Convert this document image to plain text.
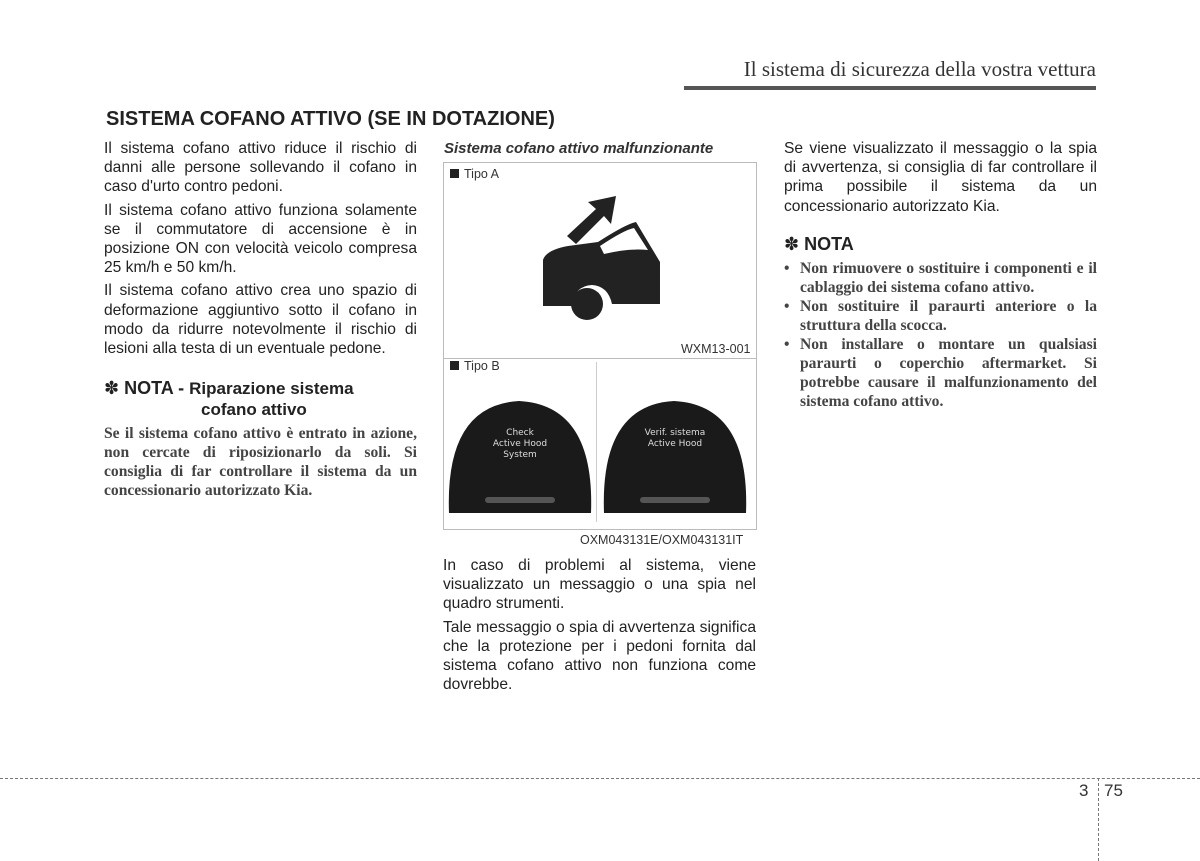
Il sistema di sicurezza della vostra vettura
SISTEMA COFANO ATTIVO (SE IN DOTAZIONE)

Il sistema cofano attivo riduce il rischio di danni alle persone sollevando il cofano in caso d'urto contro pedoni.

Il sistema cofano attivo funziona solamente se il commutatore di accensione è in posizione ON con velocità veicolo compresa 25 km/h e 50 km/h.

Il sistema cofano attivo crea uno spazio di deformazione aggiuntivo sotto il cofano in modo da ridurre notevolmente il rischio di lesioni alla testa di un eventuale pedone.

✽ NOTA - Riparazione sistema
cofano attivo
Se il sistema cofano attivo è entrato in azione, non cercate di riposizionarlo da soli. Si consiglia di far controllare il sistema da un concessionario autorizzato Kia.
Sistema cofano attivo malfunzionante
Tipo A
WXM13-001
Tipo B
Check
Active Hood
System
Verif. sistema
Active Hood
OXM043131E/OXM043131IT

In caso di problemi al sistema, viene visualizzato un messaggio o una spia nel quadro strumenti.

Tale messaggio o spia di avvertenza significa che la protezione per i pedoni fornita dal sistema cofano attivo non funziona come dovrebbe.

Se viene visualizzato il messaggio o la spia di avvertenza, si consiglia di far controllare il prima possibile il sistema da un concessionario autorizzato Kia.

✽ NOTA
• Non rimuovere o sostituire i componenti e il cablaggio dei sistema cofano attivo.
• Non sostituire il paraurti anteriore o la struttura della scocca.
• Non installare o montare un qualsiasi paraurti o coperchio aftermarket. Si potrebbe causare il malfunzionamento del sistema cofano attivo.
3 75
